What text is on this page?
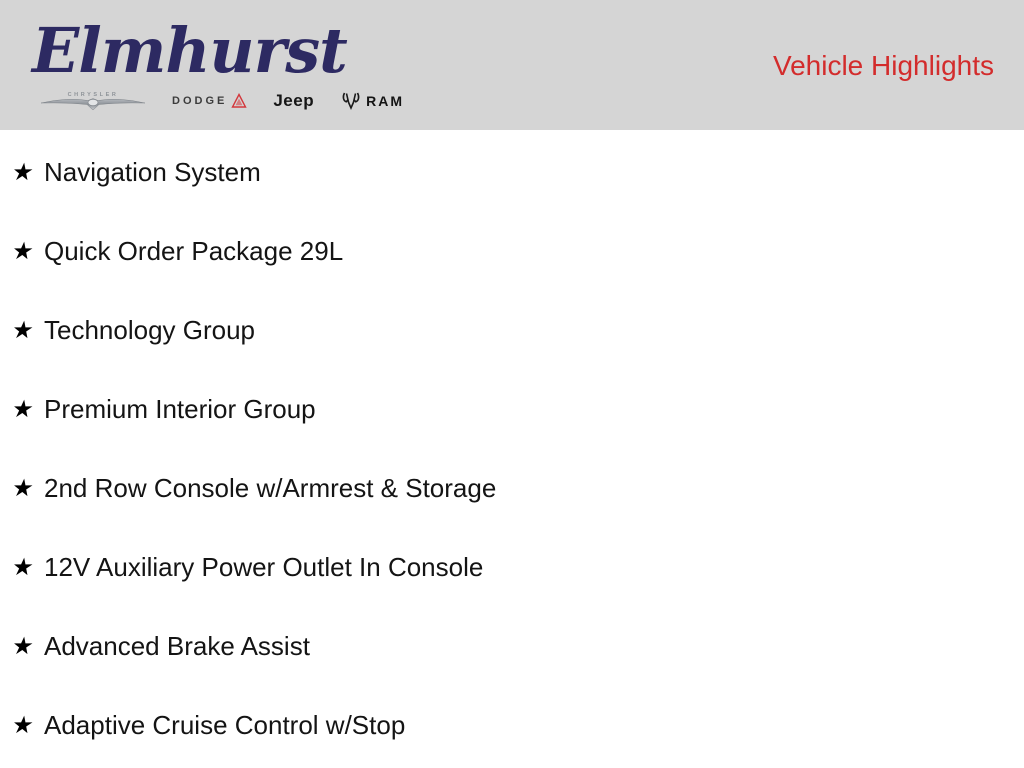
Elmhurst
CHRYSLER	DODGE	Jeep	RAM
Vehicle Highlights
★ Navigation System
★ Quick Order Package 29L
★ Technology Group
★ Premium Interior Group
★ 2nd Row Console w/Armrest & Storage
★ 12V Auxiliary Power Outlet In Console
★ Advanced Brake Assist
★ Adaptive Cruise Control w/Stop
